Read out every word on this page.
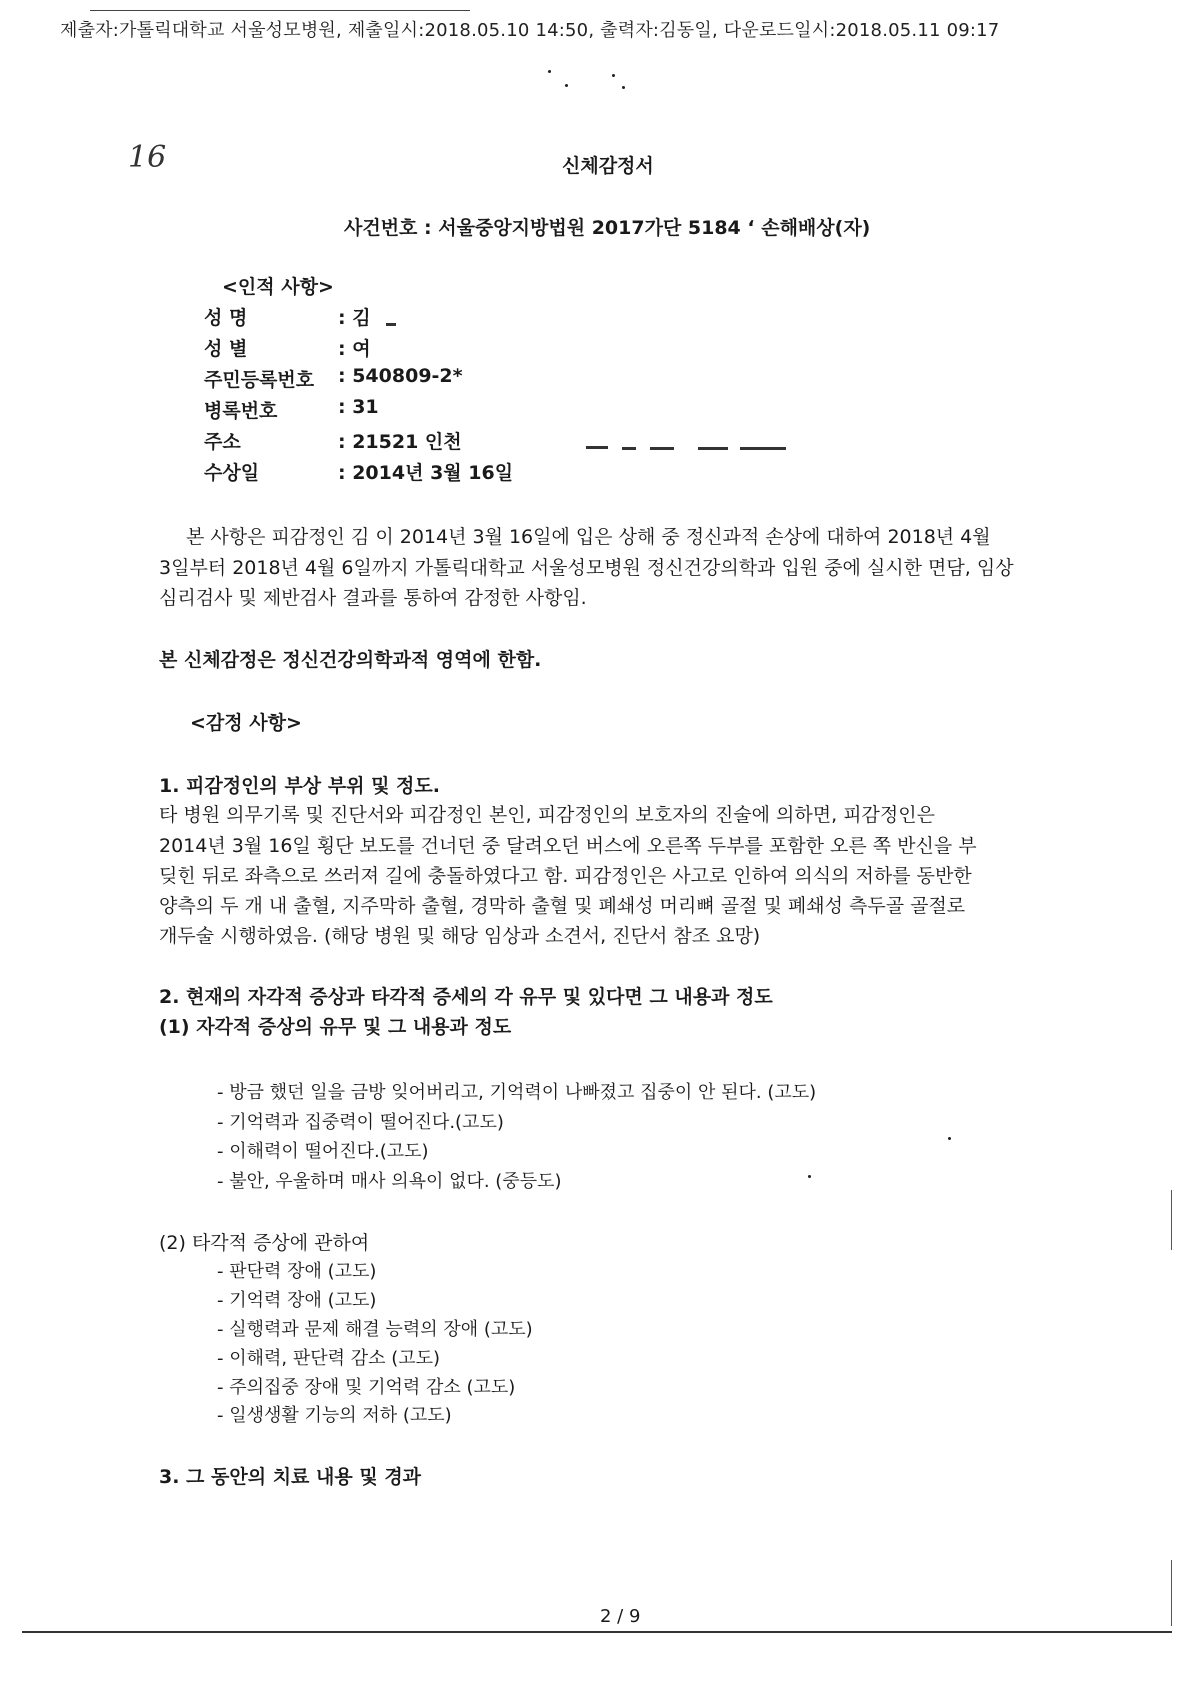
제출자:가톨릭대학교 서울성모병원, 제출일시:2018.05.10 14:50, 출력자:김동일, 다운로드일시:2018.05.11 09:17
16	신체감정서
사건번호 : 서울중앙지방법원 2017가단 5184 ʻ 손해배상(자)
<인적 사항>
성 명	: 김
성 별	: 여
주민등록번호 : 540809-2*
병록번호	: 31
주소	: 21521 인천
수상일	: 2014년 3월 16일
본 사항은 피감정인 김 이 2014년 3월 16일에 입은 상해 중 정신과적 손상에 대하여 2018년 4월
3일부터 2018년 4월 6일까지 가톨릭대학교 서울성모병원 정신건강의학과 입원 중에 실시한 면담, 임상
심리검사 및 제반검사 결과를 통하여 감정한 사항임.
본 신체감정은 정신건강의학과적 영역에 한함.
<감정 사항>
1. 피감정인의 부상 부위 및 정도.
타 병원 의무기록 및 진단서와 피감정인 본인, 피감정인의 보호자의 진술에 의하면, 피감정인은
2014년 3월 16일 횡단 보도를 건너던 중 달려오던 버스에 오른쪽 두부를 포함한 오른 쪽 반신을 부
딪힌 뒤로 좌측으로 쓰러져 길에 충돌하였다고 함. 피감정인은 사고로 인하여 의식의 저하를 동반한
양측의 두 개 내 출혈, 지주막하 출혈, 경막하 출혈 및 폐쇄성 머리뼈 골절 및 폐쇄성 측두골 골절로
개두술 시행하였음. (해당 병원 및 해당 임상과 소견서, 진단서 참조 요망)
2. 현재의 자각적 증상과 타각적 증세의 각 유무 및 있다면 그 내용과 정도
(1) 자각적 증상의 유무 및 그 내용과 정도
- 방금 했던 일을 금방 잊어버리고, 기억력이 나빠졌고 집중이 안 된다. (고도)
- 기억력과 집중력이 떨어진다.(고도)
- 이해력이 떨어진다.(고도)
- 불안, 우울하며 매사 의욕이 없다. (중등도)
(2) 타각적 증상에 관하여
- 판단력 장애 (고도)
- 기억력 장애 (고도)
- 실행력과 문제 해결 능력의 장애 (고도)
- 이해력, 판단력 감소 (고도)
- 주의집중 장애 및 기억력 감소 (고도)
- 일생생활 기능의 저하 (고도)
3. 그 동안의 치료 내용 및 경과
2 / 9
